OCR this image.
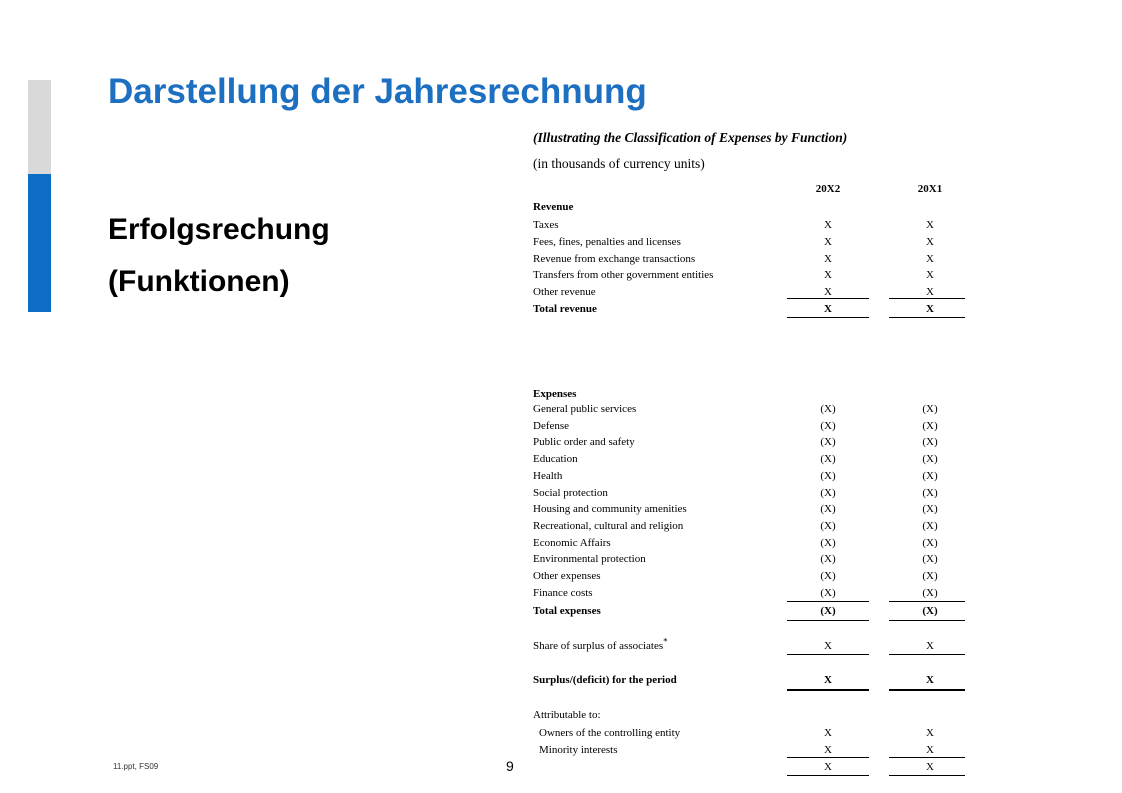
Darstellung der Jahresrechnung
Erfolgsrechung
(Funktionen)
11.ppt, FS09	9
(Illustrating the Classification of Expenses by Function)
(in thousands of currency units)
20X2	20X1
Revenue
Taxes	X	X
Fees, fines, penalties and licenses	X	X
Revenue from exchange transactions	X	X
Transfers from other government entities	X	X
Other revenue	X	X
Total revenue	X	X
Expenses
General public services	(X)	(X)
Defense	(X)	(X)
Public order and safety	(X)	(X)
Education	(X)	(X)
Health	(X)	(X)
Social protection	(X)	(X)
Housing and community amenities	(X)	(X)
Recreational, cultural and religion	(X)	(X)
Economic Affairs	(X)	(X)
Environmental protection	(X)	(X)
Other expenses	(X)	(X)
Finance costs	(X)	(X)
Total expenses	(X)	(X)
Share of surplus of associates*	X	X
Surplus/(deficit) for the period	X	X
Attributable to:
Owners of the controlling entity	X	X
Minority interests	X	X
X	X
